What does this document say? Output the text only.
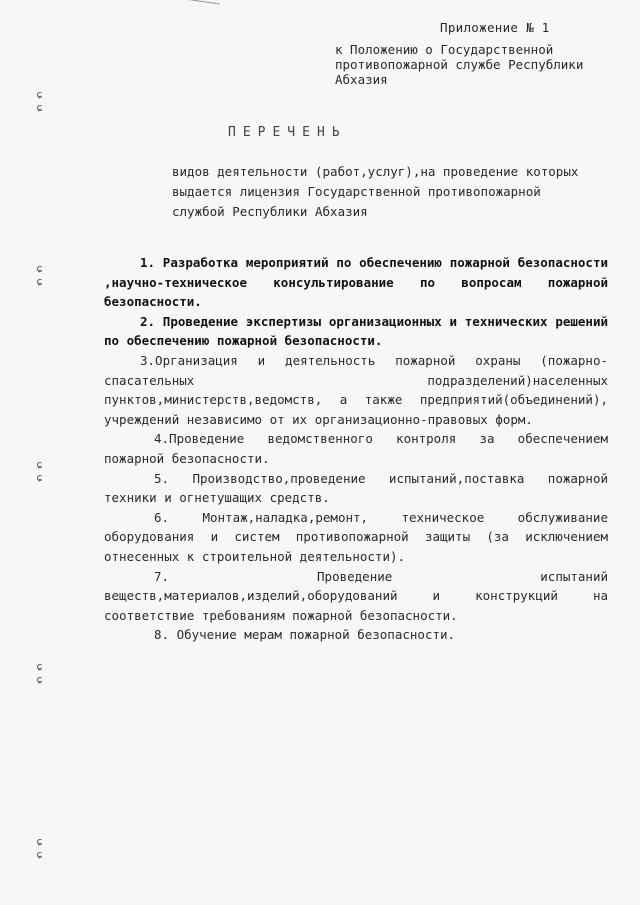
ɕ ɕ
ɕ ɕ
ɕ ɕ
ɕ ɕ
ɕ ɕ
Приложение № 1
к Положению о Государственной противопожарной службе Республики Абхазия
ПЕРЕЧЕНЬ
видов деятельности (работ,услуг),на проведение которых выдается лицензия Государственной противопожарной службой Республики Абхазия

1. Разработка мероприятий по обеспечению пожарной безопасности ,научно-техническое консультирование по вопросам пожарной безопасности.

2. Проведение экспертизы организационных и технических решений по обеспечению пожарной безопасности.

3.Организация и деятельность пожарной охраны (пожарно-спасательных подразделений)населенных пунктов,министерств,ведомств, а также предприятий(объединений), учреждений независимо от их организационно-правовых форм.

4.Проведение ведомственного контроля за обеспечением пожарной безопасности.

5. Производство,проведение испытаний,поставка пожарной техники и огнетушащих средств.

6. Монтаж,наладка,ремонт, техническое обслуживание оборудования и систем противопожарной защиты (за исключением отнесенных к строительной деятельности).

7. Проведение испытаний веществ,материалов,изделий,оборудований и конструкций на соответствие требованиям пожарной безопасности.

8. Обучение мерам пожарной безопасности.
